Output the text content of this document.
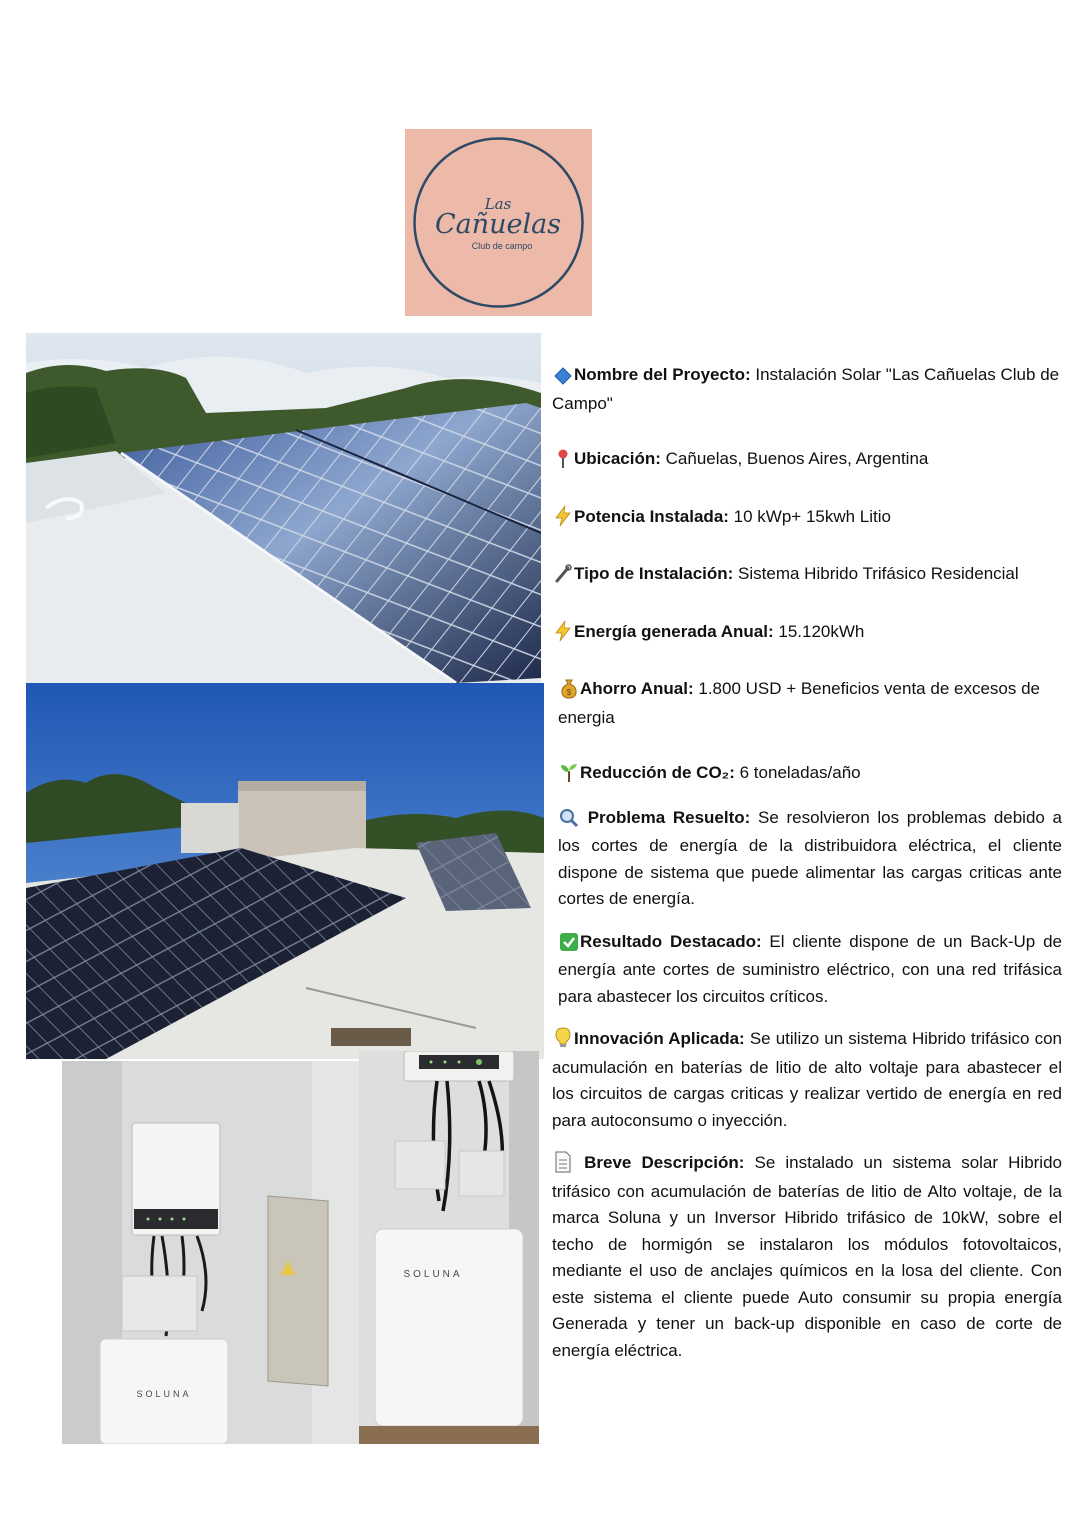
Las
Cañuelas
Club de campo
SOLUNA
SOLUNA

Nombre del Proyecto: Instalación Solar "Las Cañuelas Club de Campo"

Ubicación: Cañuelas, Buenos Aires, Argentina

Potencia Instalada: 10 kWp+ 15kwh Litio

Tipo de Instalación: Sistema Hibrido Trifásico Residencial

Energía generada Anual: 15.120kWh

$ Ahorro Anual: 1.800 USD + Beneficios venta de excesos de energia

Reducción de CO₂: 6 toneladas/año

Problema Resuelto: Se resolvieron los problemas debido a los cortes de energía de la distribuidora eléctrica, el cliente dispone de sistema que puede alimentar las cargas criticas ante cortes de energía.

Resultado Destacado: El cliente dispone de un Back-Up de energía ante cortes de suministro eléctrico, con una red trifásica para abastecer los circuitos críticos.

Innovación Aplicada: Se utilizo un sistema Hibrido trifásico con acumulación en baterías de litio de alto voltaje para abastecer el los circuitos de cargas criticas y realizar vertido de energía en red para autoconsumo o inyección.

Breve Descripción: Se instalado un sistema solar Hibrido trifásico con acumulación de baterías de litio de Alto voltaje, de la marca Soluna y un Inversor Hibrido trifásico de 10kW, sobre el techo de hormigón se instalaron los módulos fotovoltaicos, mediante el uso de anclajes químicos en la losa del cliente. Con este sistema el cliente puede Auto consumir su propia energía Generada y tener un back-up disponible en caso de corte de energía eléctrica.
